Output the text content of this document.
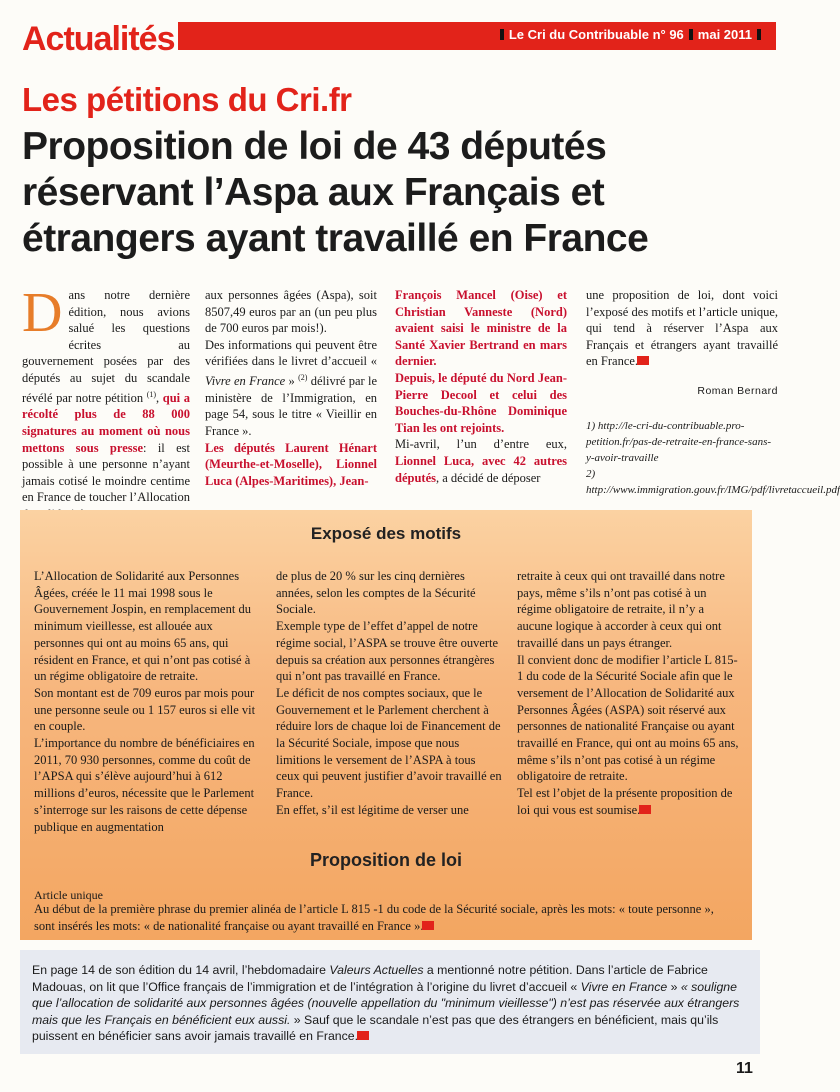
Actualités	Le Cri du Contribuable n° 96 mai 2011
Les pétitions du Cri.fr
Proposition de loi de 43 députés réservant l’Aspa aux Français et étrangers ayant travaillé en France
Dans notre dernière édition, nous avions salué les questions écrites au gouvernement posées par des députés au sujet du scandale révélé par notre pétition $^{(1)}$, qui a récolté plus de 88 000 signatures au moment où nous mettons sous presse: il est possible à une personne n’ayant jamais cotisé le moindre centime en France de toucher l’Allocation

aux personnes âgées (Aspa), soit 8507,49 euros par an (un peu plus de 700 euros par mois!).

Des informations qui peuvent être vérifiées dans le livret d’accueil « Vivre en France » $^{(2)}$ délivré par le ministère de l’Immigration, en page 54, sous le titre « Vieillir en France ».

Les députés Laurent Hénart (Meurthe-et-Moselle), Lionnel Luca (Alpes-Maritimes), Jean-

François Mancel (Oise) et Christian Vanneste (Nord) avaient saisi le ministre de la Santé Xavier Bertrand en mars dernier.

Depuis, le député du Nord Jean-Pierre Decool et celui des Bouches-du-Rhône Dominique Tian les ont rejoints.

Mi-avril, l’un d’entre eux, Lionnel Luca, avec 42 autres députés, a décidé de déposer

une proposition de loi, dont voici l’exposé des motifs et l’article unique, qui tend à réserver l’Aspa aux Français et étrangers ayant travaillé en France.
Roman Bernard

1) http://le-cri-du-contribuable.pro-petition.fr/pas-de-retraite-en-france-sans-y-avoir-travaille

2) http://www.immigration.gouv.fr/IMG/pdf/livretaccueil.pdf

Exposé des motifs

L’Allocation de Solidarité aux Personnes Âgées, créée le 11 mai 1998 sous le Gouvernement Jospin, en remplacement du minimum vieillesse, est allouée aux personnes qui ont au moins 65 ans, qui résident en France, et qui n’ont pas cotisé à un régime obligatoire de retraite.

Son montant est de 709 euros par mois pour une personne seule ou 1 157 euros si elle vit en couple.

L’importance du nombre de bénéficiaires en 2011, 70 930 personnes, comme du coût de l’APSA qui s’élève aujourd’hui à 612 millions d’euros, nécessite que le Parlement s’interroge sur les raisons de cette dépense publique en augmentation

de plus de 20 % sur les cinq dernières années, selon les comptes de la Sécurité Sociale.

Exemple type de l’effet d’appel de notre régime social, l’ASPA se trouve être ouverte depuis sa création aux personnes étrangères qui n’ont pas travaillé en France.

Le déficit de nos comptes sociaux, que le Gouvernement et le Parlement cherchent à réduire lors de chaque loi de Financement de la Sécurité Sociale, impose que nous limitions le versement de l’ASPA à tous ceux qui peuvent justifier d’avoir travaillé en France.

En effet, s’il est légitime de verser une

retraite à ceux qui ont travaillé dans notre pays, même s’ils n’ont pas cotisé à un régime obligatoire de retraite, il n’y a aucune logique à accorder à ceux qui ont travaillé dans un pays étranger.

Il convient donc de modifier l’article L 815- 1 du code de la Sécurité Sociale afin que le versement de l’Allocation de Solidarité aux Personnes Âgées (ASPA) soit réservé aux personnes de nationalité Française ou ayant travaillé en France, qui ont au moins 65 ans, même s’ils n’ont pas cotisé à un régime obligatoire de retraite.

Tel est l’objet de la présente proposition de loi qui vous est soumise.

Proposition de loi
Article unique
Au début de la première phrase du premier alinéa de l’article L 815 -1 du code de la Sécurité sociale, après les mots: « toute personne », sont insérés les mots: « de nationalité française ou ayant travaillé en France ».
En page 14 de son édition du 14 avril, l’hebdomadaire Valeurs Actuelles a mentionné notre pétition. Dans l’article de Fabrice Madouas, on lit que l’Office français de l’immigration et de l’intégration à l’origine du livret d’accueil « Vivre en France » « souligne que l’allocation de solidarité aux personnes âgées (nouvelle appellation du "minimum vieillesse") n’est pas réservée aux étrangers mais que les Français en bénéficient eux aussi. » Sauf que le scandale n’est pas que des étrangers en bénéficient, mais qu’ils puissent en bénéficier sans avoir jamais travaillé en France.
11
